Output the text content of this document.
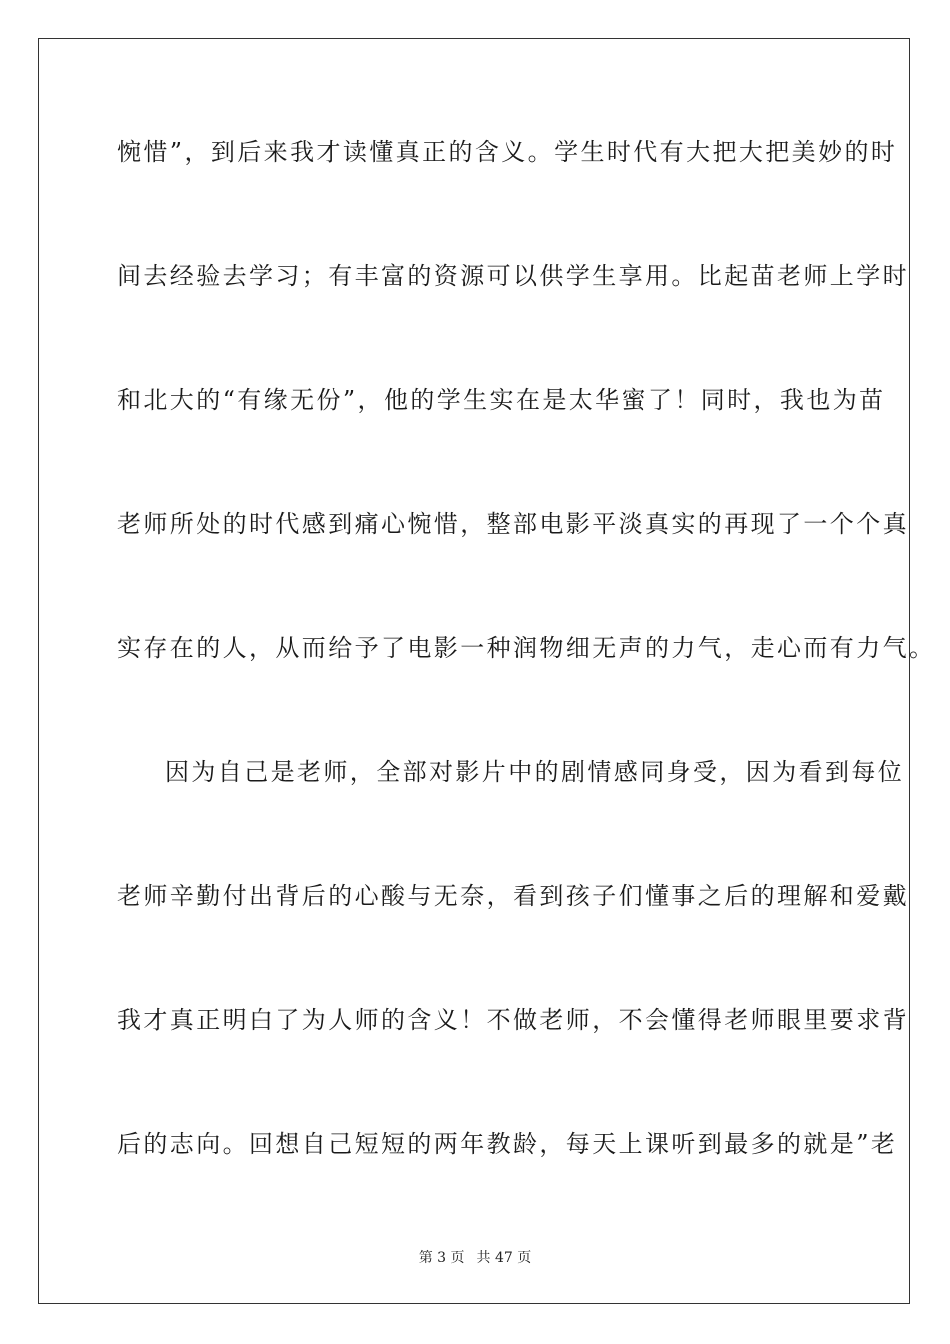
惋惜”，到后来我才读懂真正的含义。学生时代有大把大把美妙的时
间去经验去学习；有丰富的资源可以供学生享用。比起苗老师上学时
和北大的“有缘无份”，他的学生实在是太华蜜了！同时，我也为苗
老师所处的时代感到痛心惋惜，整部电影平淡真实的再现了一个个真
实存在的人，从而给予了电影一种润物细无声的力气，走心而有力气。
因为自己是老师，全部对影片中的剧情感同身受，因为看到每位
老师辛勤付出背后的心酸与无奈，看到孩子们懂事之后的理解和爱戴
我才真正明白了为人师的含义！不做老师，不会懂得老师眼里要求背
后的志向。回想自己短短的两年教龄，每天上课听到最多的就是”老
第 3 页 共 47 页
